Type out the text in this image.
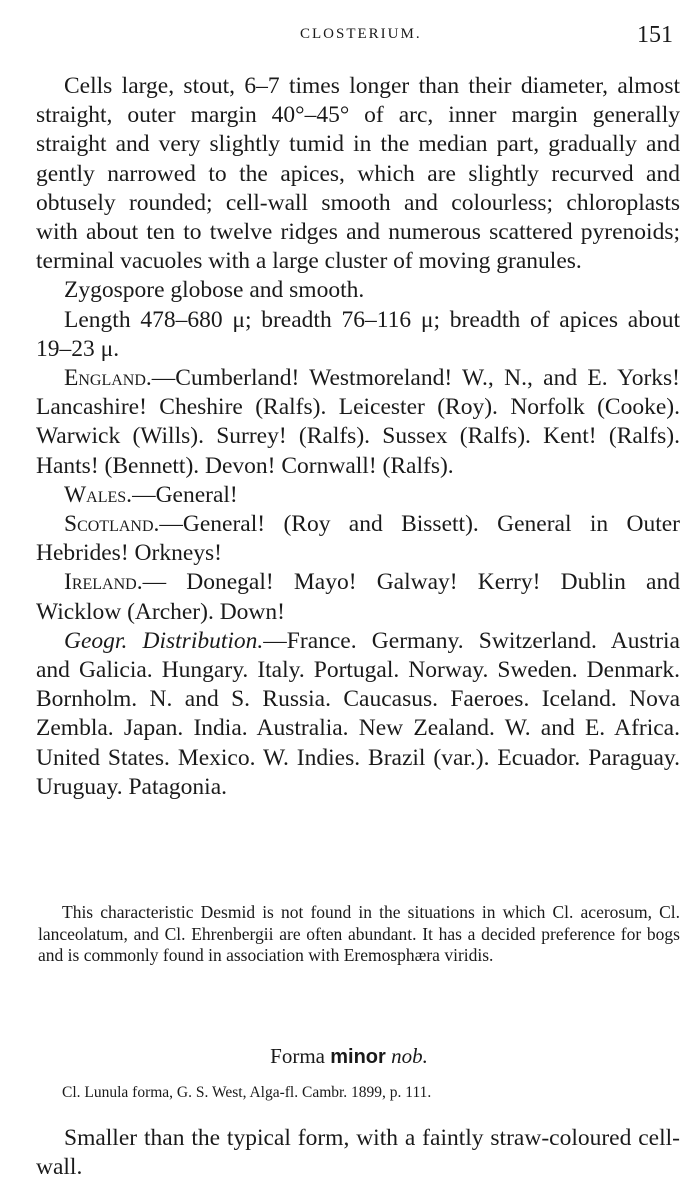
CLOSTERIUM.	151

Cells large, stout, 6–7 times longer than their diameter, almost straight, outer margin 40°–45° of arc, inner margin generally straight and very slightly tumid in the median part, gradually and gently narrowed to the apices, which are slightly recurved and obtusely rounded; cell-wall smooth and colourless; chloroplasts with about ten to twelve ridges and numerous scattered pyrenoids; terminal vacuoles with a large cluster of moving granules.

Zygospore globose and smooth.

Length 478–680 μ; breadth 76–116 μ; breadth of apices about 19–23 μ.

England.—Cumberland! Westmoreland! W., N., and E. Yorks! Lancashire! Cheshire (Ralfs). Leicester (Roy). Norfolk (Cooke). Warwick (Wills). Surrey! (Ralfs). Sussex (Ralfs). Kent! (Ralfs). Hants! (Bennett). Devon! Cornwall! (Ralfs).

Wales.—General!

Scotland.—General! (Roy and Bissett). General in Outer Hebrides! Orkneys!

Ireland.— Donegal! Mayo! Galway! Kerry! Dublin and Wicklow (Archer). Down!

Geogr. Distribution.—France. Germany. Switzerland. Austria and Galicia. Hungary. Italy. Portugal. Norway. Sweden. Denmark. Bornholm. N. and S. Russia. Caucasus. Faeroes. Iceland. Nova Zembla. Japan. India. Australia. New Zealand. W. and E. Africa. United States. Mexico. W. Indies. Brazil (var.). Ecuador. Paraguay. Uruguay. Patagonia.

This characteristic Desmid is not found in the situations in which Cl. acerosum, Cl. lanceolatum, and Cl. Ehrenbergii are often abundant. It has a decided preference for bogs and is commonly found in association with Eremosphæra viridis.
Forma minor nob.
Cl. Lunula forma, G. S. West, Alga-fl. Cambr. 1899, p. 111.
Smaller than the typical form, with a faintly straw-coloured cell-wall.
